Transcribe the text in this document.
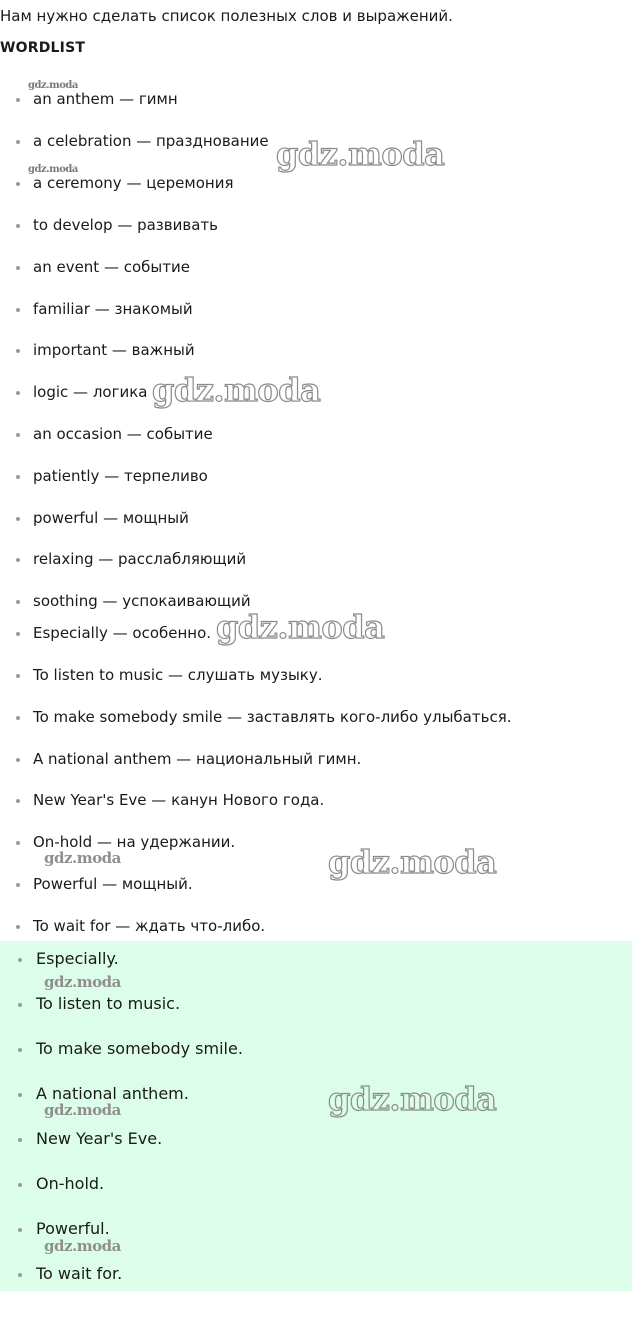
Нам нужно сделать список полезных слов и выражений.
WORDLIST
an anthem — гимн
a celebration — празднование
a ceremony — церемония
to develop — развивать
an event — событие
familiar — знакомый
important — важный
logic — логика
an occasion — событие
patiently — терпеливо
powerful — мощный
relaxing — расслабляющий
soothing — успокаивающий
Especially — особенно.
To listen to music — слушать музыку.
To make somebody smile — заставлять кого-либо улыбаться.
A national anthem — национальный гимн.
New Year's Eve — канун Нового года.
On-hold — на удержании.
Powerful — мощный.
To wait for — ждать что-либо.
Especially.
To listen to music.
To make somebody smile.
A national anthem.
New Year's Eve.
On-hold.
Powerful.
To wait for.
gdz.moda
gdz.moda
gdz.moda
gdz.moda
gdz.moda
gdz.moda	gdz.moda
gdz.moda
gdz.moda	gdz.moda
gdz.moda
